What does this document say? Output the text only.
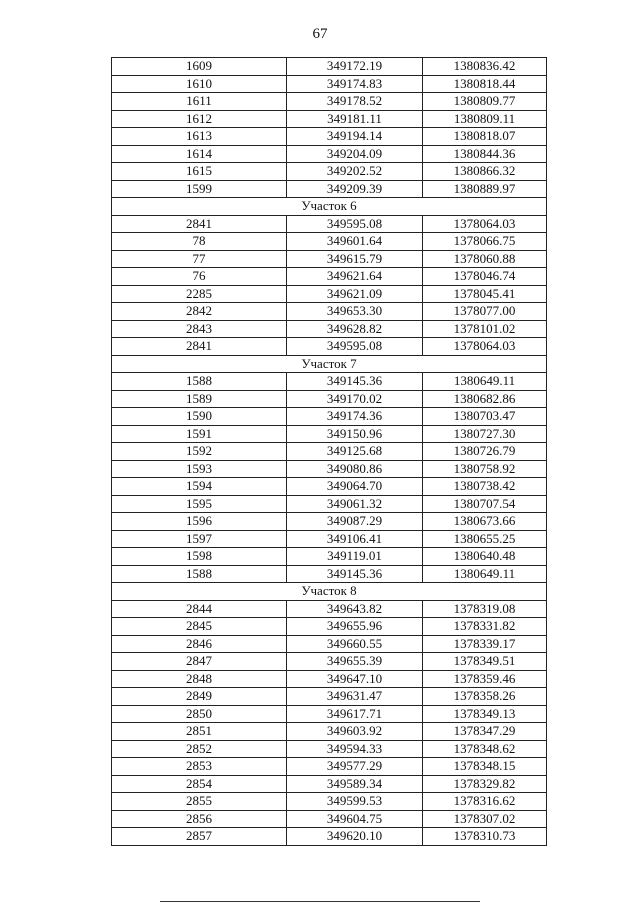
67
1609	349172.19	1380836.42
1610	349174.83	1380818.44
1611	349178.52	1380809.77
1612	349181.11	1380809.11
1613	349194.14	1380818.07
1614	349204.09	1380844.36
1615	349202.52	1380866.32
1599	349209.39	1380889.97
Участок 6		
2841	349595.08	1378064.03
78	349601.64	1378066.75
77	349615.79	1378060.88
76	349621.64	1378046.74
2285	349621.09	1378045.41
2842	349653.30	1378077.00
2843	349628.82	1378101.02
2841	349595.08	1378064.03
Участок 7		
1588	349145.36	1380649.11
1589	349170.02	1380682.86
1590	349174.36	1380703.47
1591	349150.96	1380727.30
1592	349125.68	1380726.79
1593	349080.86	1380758.92
1594	349064.70	1380738.42
1595	349061.32	1380707.54
1596	349087.29	1380673.66
1597	349106.41	1380655.25
1598	349119.01	1380640.48
1588	349145.36	1380649.11
Участок 8		
2844	349643.82	1378319.08
2845	349655.96	1378331.82
2846	349660.55	1378339.17
2847	349655.39	1378349.51
2848	349647.10	1378359.46
2849	349631.47	1378358.26
2850	349617.71	1378349.13
2851	349603.92	1378347.29
2852	349594.33	1378348.62
2853	349577.29	1378348.15
2854	349589.34	1378329.82
2855	349599.53	1378316.62
2856	349604.75	1378307.02
2857	349620.10	1378310.73
